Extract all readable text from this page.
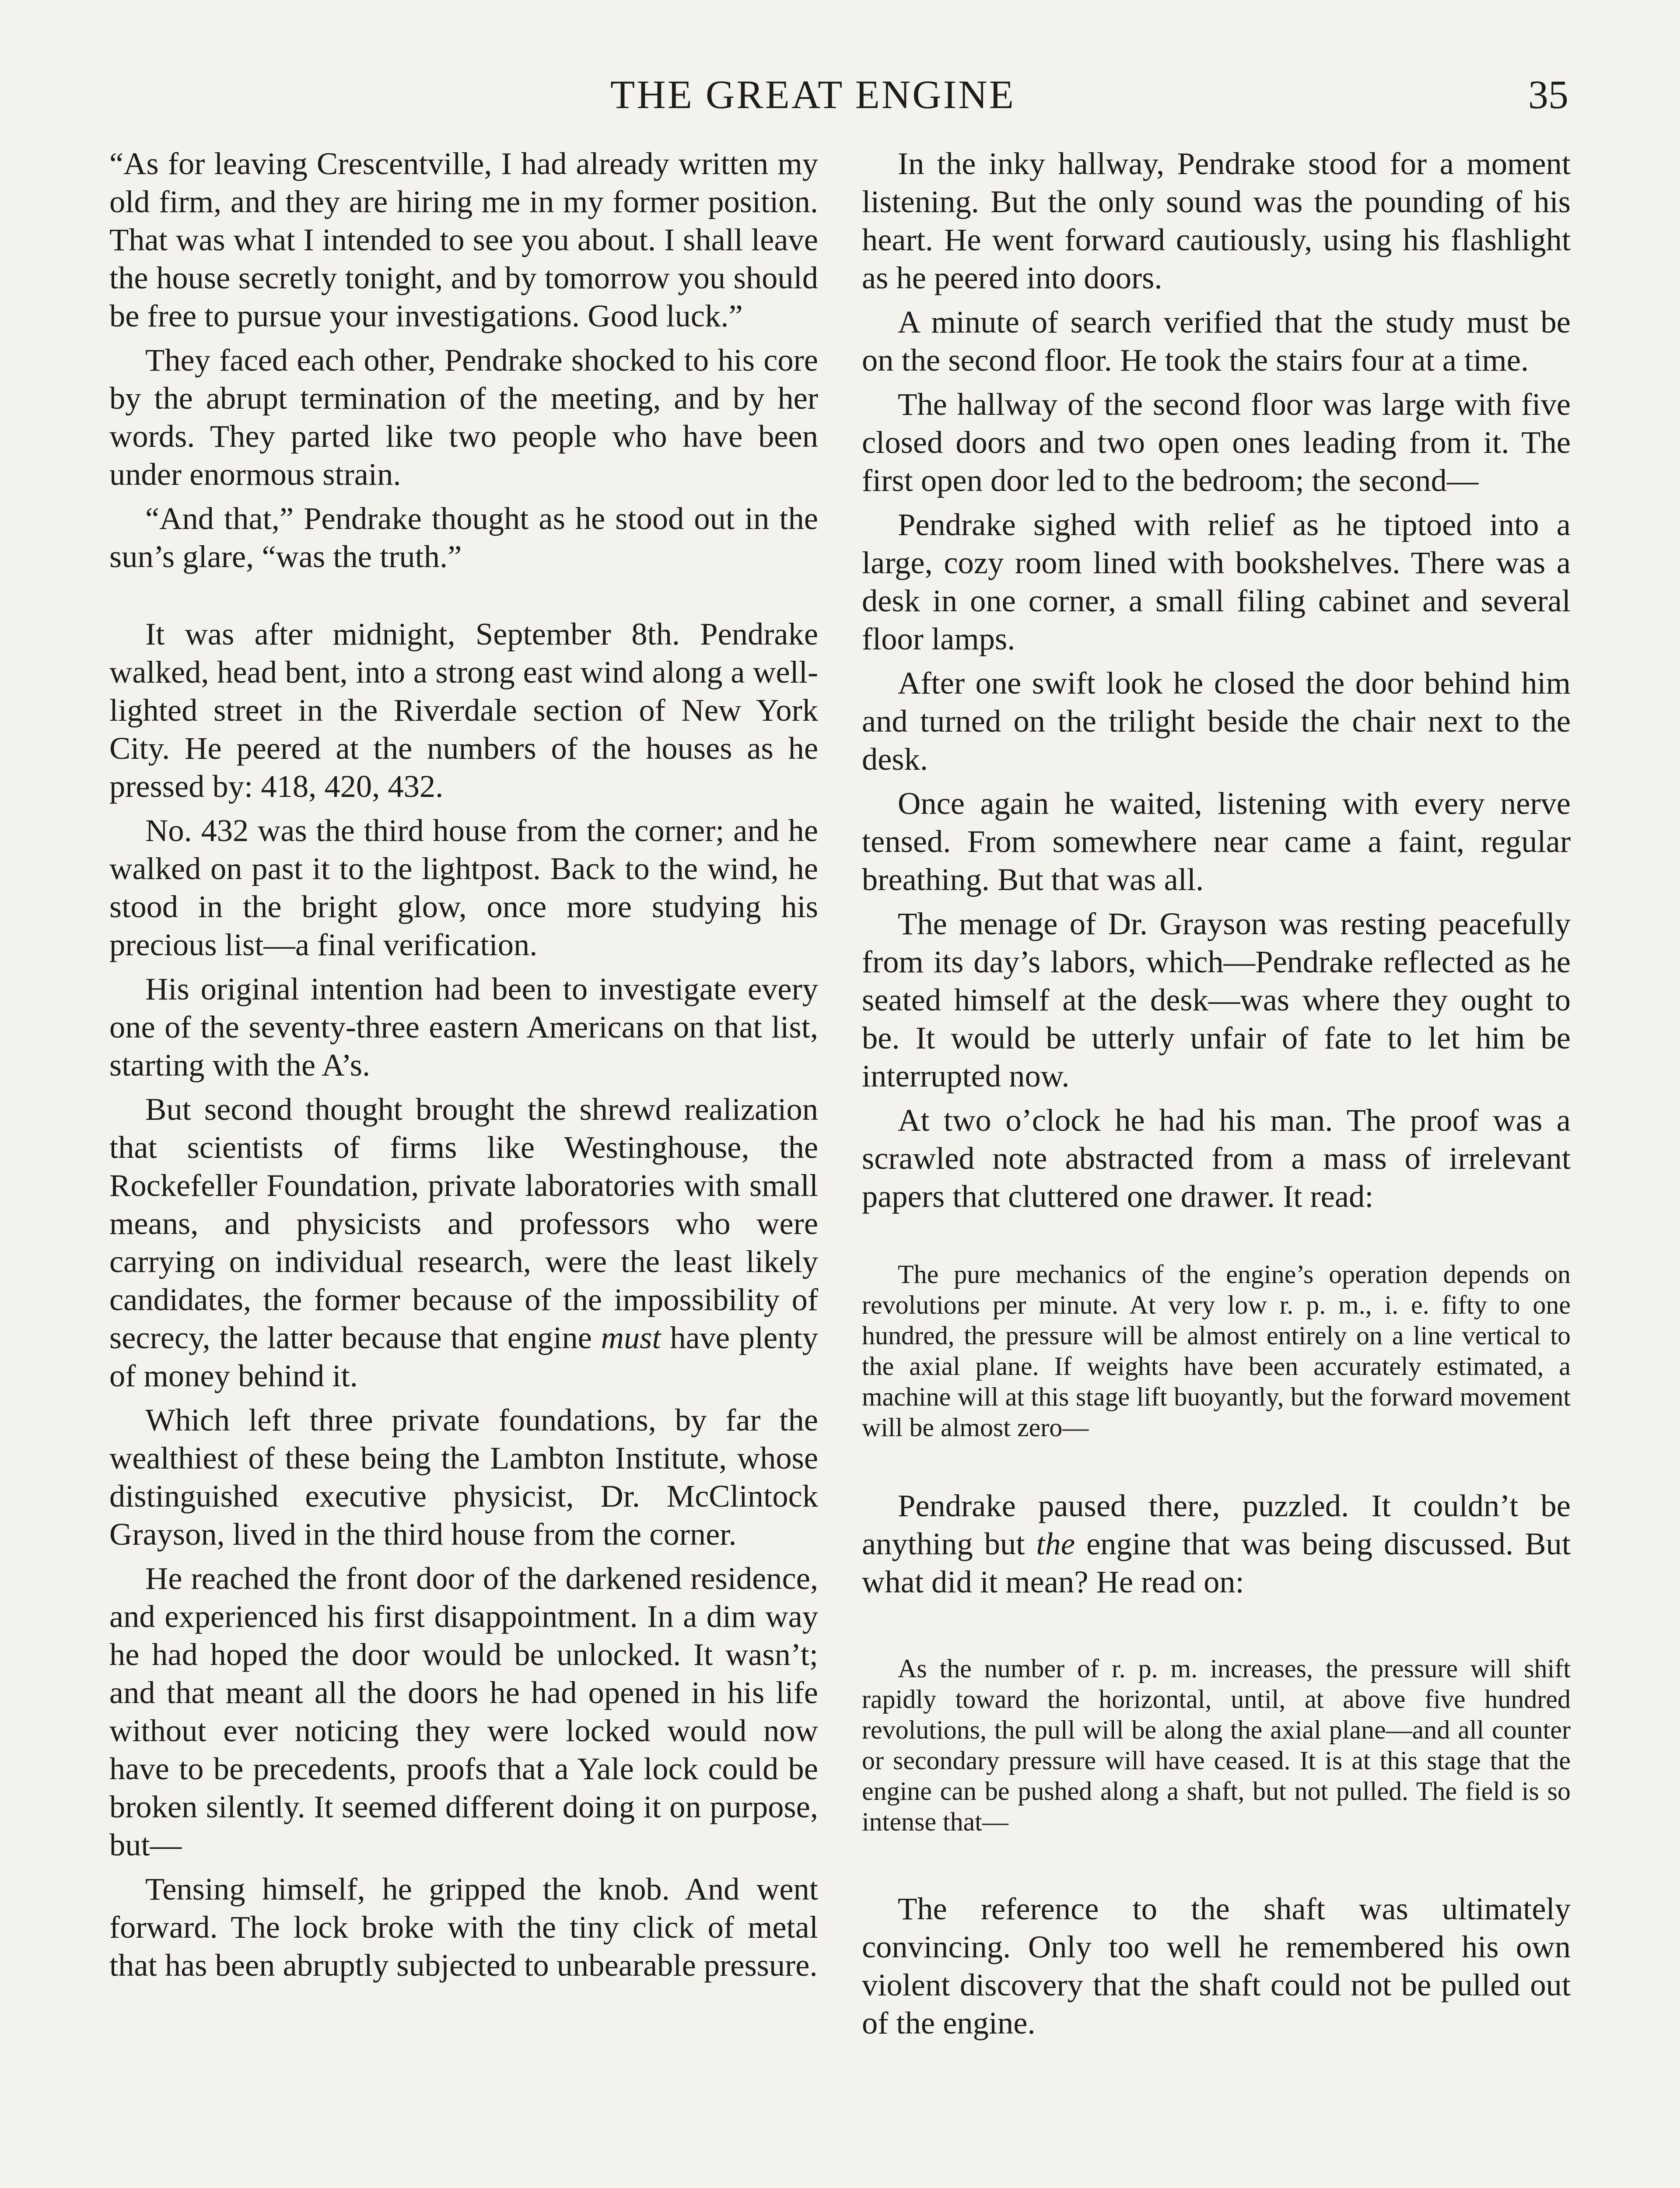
THE GREAT ENGINE	35

“As for leaving Crescentville, I had already written my old firm, and they are hiring me in my former position. That was what I intended to see you about. I shall leave the house secretly tonight, and by tomorrow you should be free to pursue your investigations. Good luck.”

They faced each other, Pendrake shocked to his core by the abrupt termination of the meeting, and by her words. They parted like two people who have been under enormous strain.

“And that,” Pendrake thought as he stood out in the sun’s glare, “was the truth.”

It was after midnight, September 8th. Pendrake walked, head bent, into a strong east wind along a well-lighted street in the Riverdale section of New York City. He peered at the numbers of the houses as he pressed by: 418, 420, 432.

No. 432 was the third house from the corner; and he walked on past it to the lightpost. Back to the wind, he stood in the bright glow, once more studying his precious list—a final verification.

His original intention had been to investigate every one of the seventy-three eastern Americans on that list, starting with the A’s.

But second thought brought the shrewd realization that scientists of firms like Westinghouse, the Rockefeller Foundation, private laboratories with small means, and physicists and professors who were carrying on individual research, were the least likely candidates, the former because of the impossibility of secrecy, the latter because that engine must have plenty of money behind it.

Which left three private foundations, by far the wealthiest of these being the Lambton Institute, whose distinguished executive physicist, Dr. McClintock Grayson, lived in the third house from the corner.

He reached the front door of the darkened residence, and experienced his first disappointment. In a dim way he had hoped the door would be unlocked. It wasn’t; and that meant all the doors he had opened in his life without ever noticing they were locked would now have to be precedents, proofs that a Yale lock could be broken silently. It seemed different doing it on purpose, but—

Tensing himself, he gripped the knob. And went forward. The lock broke with the tiny click of metal that has been abruptly subjected to unbearable pressure.

In the inky hallway, Pendrake stood for a moment listening. But the only sound was the pounding of his heart. He went forward cautiously, using his flashlight as he peered into doors.

A minute of search verified that the study must be on the second floor. He took the stairs four at a time.

The hallway of the second floor was large with five closed doors and two open ones leading from it. The first open door led to the bedroom; the second—

Pendrake sighed with relief as he tiptoed into a large, cozy room lined with bookshelves. There was a desk in one corner, a small filing cabinet and several floor lamps.

After one swift look he closed the door behind him and turned on the trilight beside the chair next to the desk.

Once again he waited, listening with every nerve tensed. From somewhere near came a faint, regular breathing. But that was all.

The menage of Dr. Grayson was resting peacefully from its day’s labors, which—Pendrake reflected as he seated himself at the desk—was where they ought to be. It would be utterly unfair of fate to let him be interrupted now.

At two o’clock he had his man. The proof was a scrawled note abstracted from a mass of irrelevant papers that cluttered one drawer. It read:

The pure mechanics of the engine’s operation depends on revolutions per minute. At very low r. p. m., i. e. fifty to one hundred, the pressure will be almost entirely on a line vertical to the axial plane. If weights have been accurately estimated, a machine will at this stage lift buoyantly, but the forward movement will be almost zero—

Pendrake paused there, puzzled. It couldn’t be anything but the engine that was being discussed. But what did it mean? He read on:

As the number of r. p. m. increases, the pressure will shift rapidly toward the horizontal, until, at above five hundred revolutions, the pull will be along the axial plane—and all counter or secondary pressure will have ceased. It is at this stage that the engine can be pushed along a shaft, but not pulled. The field is so intense that—

The reference to the shaft was ultimately convincing. Only too well he remembered his own violent discovery that the shaft could not be pulled out of the engine.
